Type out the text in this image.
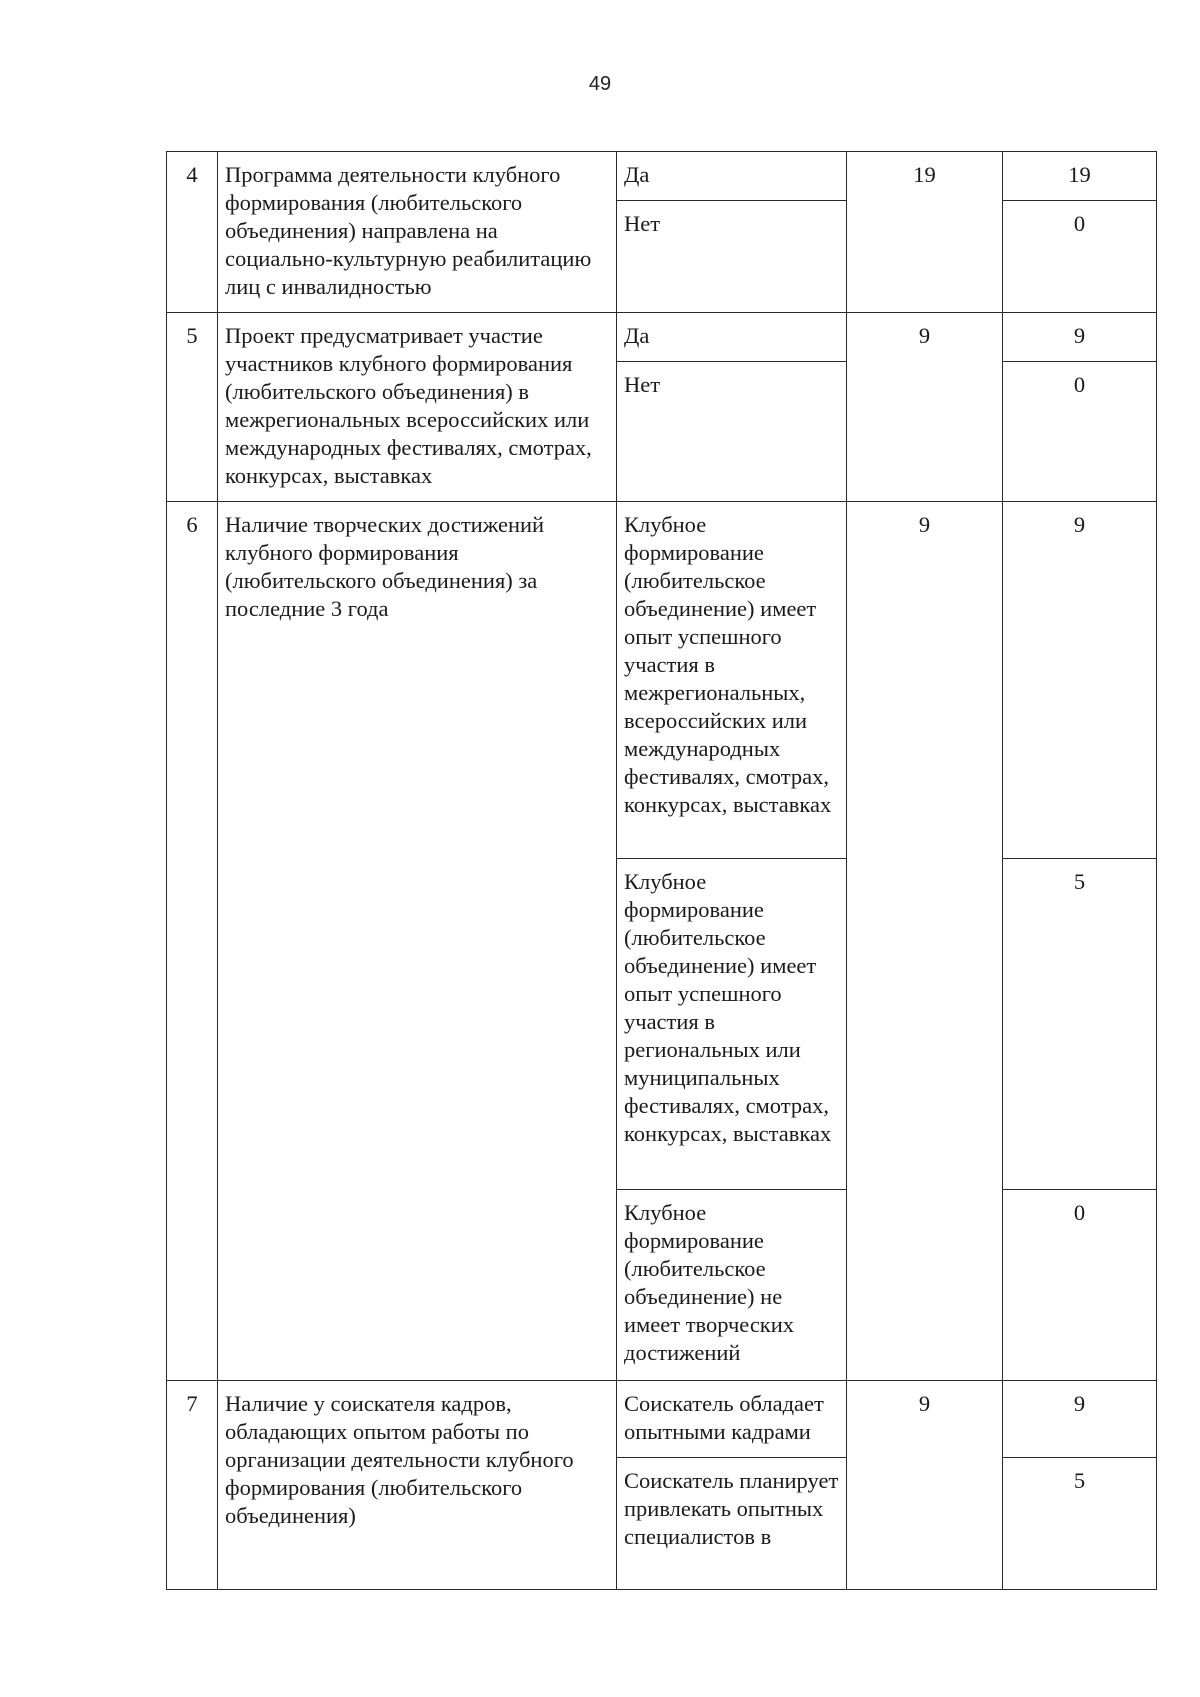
49
4	Программа деятельности клубного формирования (любительского объединения) направлена на социально-культурную реабилитацию лиц с инвалидностью	Да	19	19
		Нет		0
5	Проект предусматривает участие участников клубного формирования (любительского объединения) в межрегиональных всероссийских или международных фестивалях, смотрах, конкурсах, выставках	Да	9	9
		Нет		0
6	Наличие творческих достижений клубного формирования (любительского объединения) за последние 3 года	Клубное формирование (любительское объединение) имеет опыт успешного участия в межрегиональных, всероссийских или международных фестивалях, смотрах, конкурсах, выставках	9	9
		Клубное формирование (любительское объединение) имеет опыт успешного участия в региональных или муниципальных фестивалях, смотрах, конкурсах, выставках		5
		Клубное формирование (любительское объединение) не имеет творческих достижений		0
7	Наличие у соискателя кадров, обладающих опытом работы по организации деятельности клубного формирования (любительского объединения)	Соискатель обладает опытными кадрами	9	9
		Соискатель планирует привлекать опытных специалистов в		5
